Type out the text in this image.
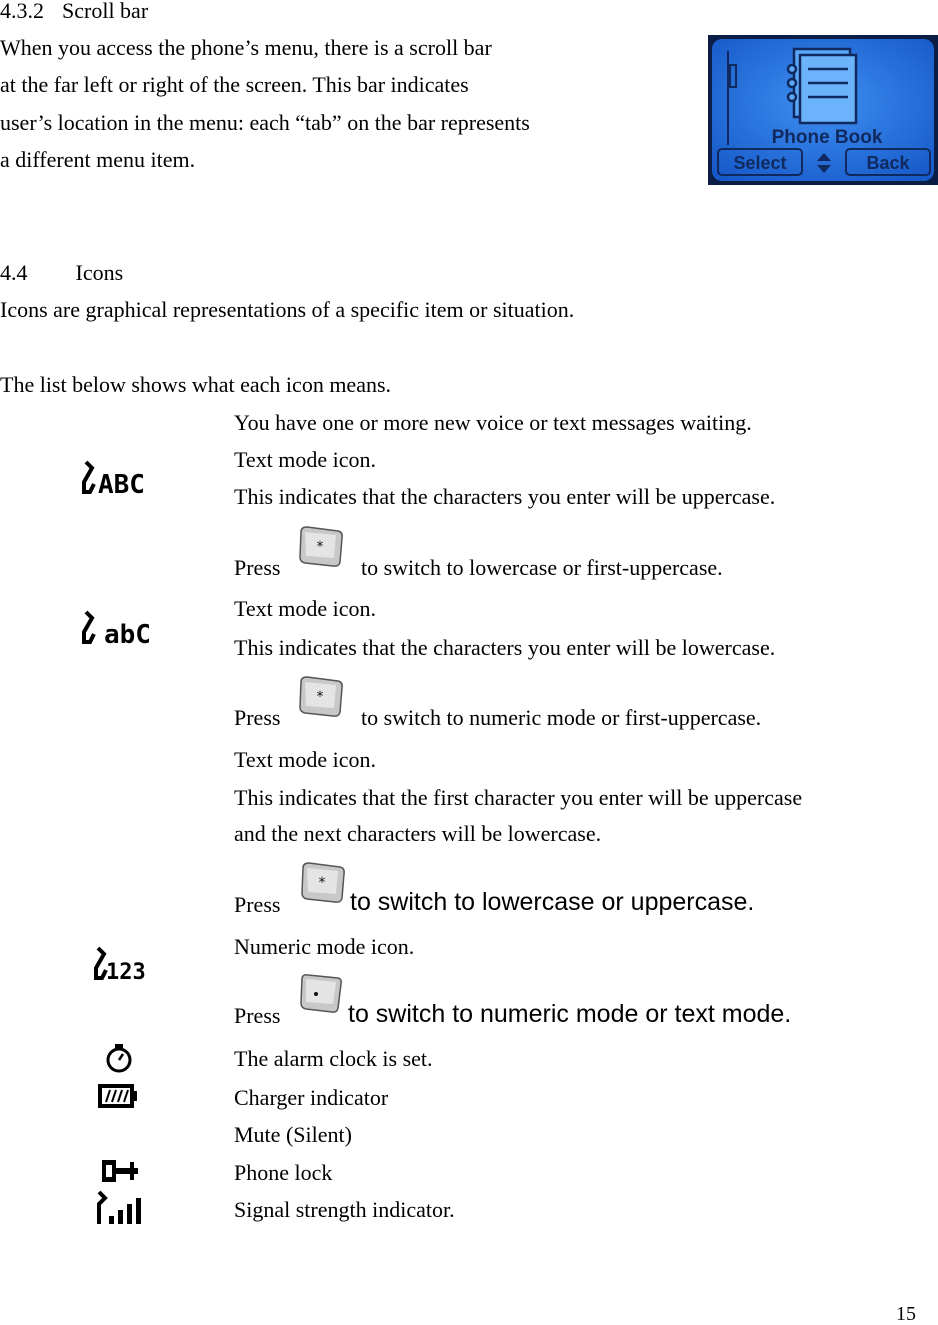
4.3.2 Scroll bar
When you access the phone’s menu, there is a scroll bar
at the far left or right of the screen. This bar indicates
user’s location in the menu: each “tab” on the bar represents
a different menu item.
Phone Book
Select	Back
4.4 Icons
Icons are graphical representations of a specific item or situation.
The list below shows what each icon means.
You have one or more new voice or text messages waiting.
ABC
Text mode icon.
This indicates that the characters you enter will be uppercase.
Press
*
to switch to lowercase or first-uppercase.
abC
Text mode icon.
This indicates that the characters you enter will be lowercase.
Press
*
to switch to numeric mode or first-uppercase.
Text mode icon.
This indicates that the first character you enter will be uppercase
and the next characters will be lowercase.
Press
*
to switch to lowercase or uppercase.
123
Numeric mode icon.
Press	to switch to numeric mode or text mode.
The alarm clock is set.
Charger indicator
Mute (Silent)
Phone lock
Signal strength indicator.
15
